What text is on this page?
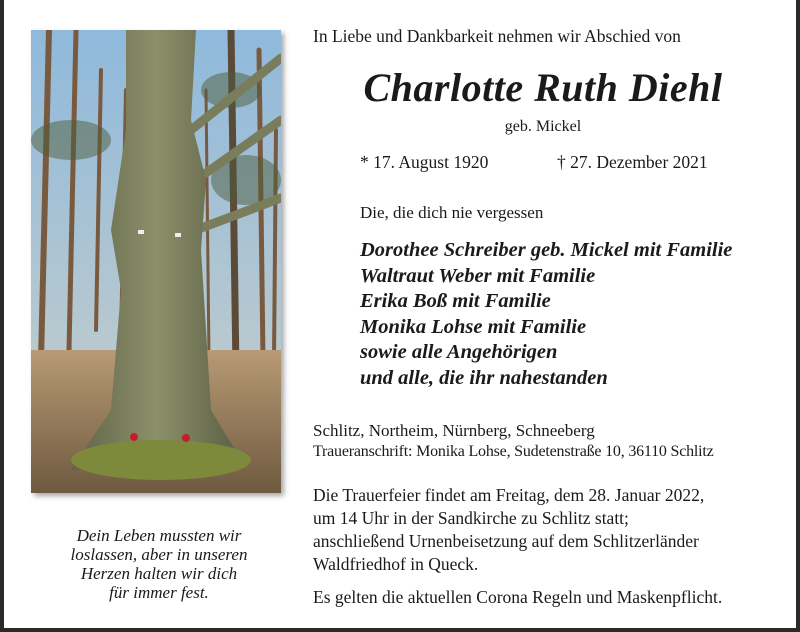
Dein Leben mussten wir
loslassen, aber in unseren
Herzen halten wir dich
für immer fest.
In Liebe und Dankbarkeit nehmen wir Abschied von
Charlotte Ruth Diehl
geb. Mickel
* 17. August 1920	† 27. Dezember 2021
Die, die dich nie vergessen
Dorothee Schreiber geb. Mickel mit Familie
Waltraut Weber mit Familie
Erika Boß mit Familie
Monika Lohse mit Familie
sowie alle Angehörigen
und alle, die ihr nahestanden
Schlitz, Northeim, Nürnberg, Schneeberg
Traueranschrift: Monika Lohse, Sudetenstraße 10, 36110 Schlitz
Die Trauerfeier findet am Freitag, dem 28. Januar 2022,
um 14 Uhr in der Sandkirche zu Schlitz statt;
anschließend Urnenbeisetzung auf dem Schlitzerländer
Waldfriedhof in Queck.
Es gelten die aktuellen Corona Regeln und Maskenpflicht.
